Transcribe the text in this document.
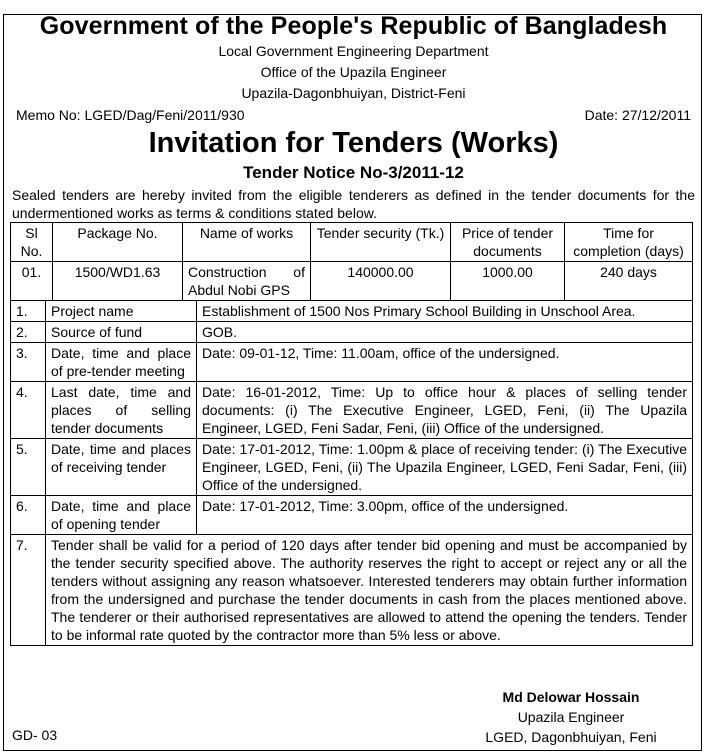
Government of the People's Republic of Bangladesh
Local Government Engineering Department
Office of the Upazila Engineer
Upazila-Dagonbhuiyan, District-Feni
Memo No: LGED/Dag/Feni/2011/930	Date: 27/12/2011
Invitation for Tenders (Works)
Tender Notice No-3/2011-12
Sealed tenders are hereby invited from the eligible tenderers as defined in the tender documents for the undermentioned works as terms & conditions stated below.
Sl No.	Package No.	Name of works	Tender security (Tk.)	Price of tender documents	Time for completion (days)
01.	1500/WD1.63	Construction of Abdul Nobi GPS	140000.00	1000.00	240 days
1.	Project name	Establishment of 1500 Nos Primary School Building in Unschool Area.
2.	Source of fund	GOB.
3.	Date, time and place of pre-tender meeting	Date: 09-01-12, Time: 11.00am, office of the undersigned.
4.	Last date, time and places of selling tender documents	Date: 16-01-2012, Time: Up to office hour & places of selling tender documents: (i) The Executive Engineer, LGED, Feni, (ii) The Upazila Engineer, LGED, Feni Sadar, Feni, (iii) Office of the undersigned.
5.	Date, time and places of receiving tender	Date: 17-01-2012, Time: 1.00pm & place of receiving tender: (i) The Executive Engineer, LGED, Feni, (ii) The Upazila Engineer, LGED, Feni Sadar, Feni, (iii) Office of the undersigned.
6.	Date, time and place of opening tender	Date: 17-01-2012, Time: 3.00pm, office of the undersigned.
7.	Tender shall be valid for a period of 120 days after tender bid opening and must be accompanied by the tender security specified above. The authority reserves the right to accept or reject any or all the tenders without assigning any reason whatsoever. Interested tenderers may obtain further information from the undersigned and purchase the tender documents in cash from the places mentioned above. The tenderer or their authorised representatives are allowed to attend the opening the tenders. Tender to be informal rate quoted by the contractor more than 5% less or above.	
Md Delowar Hossain
Upazila Engineer
LGED, Dagonbhuiyan, Feni
GD- 03
